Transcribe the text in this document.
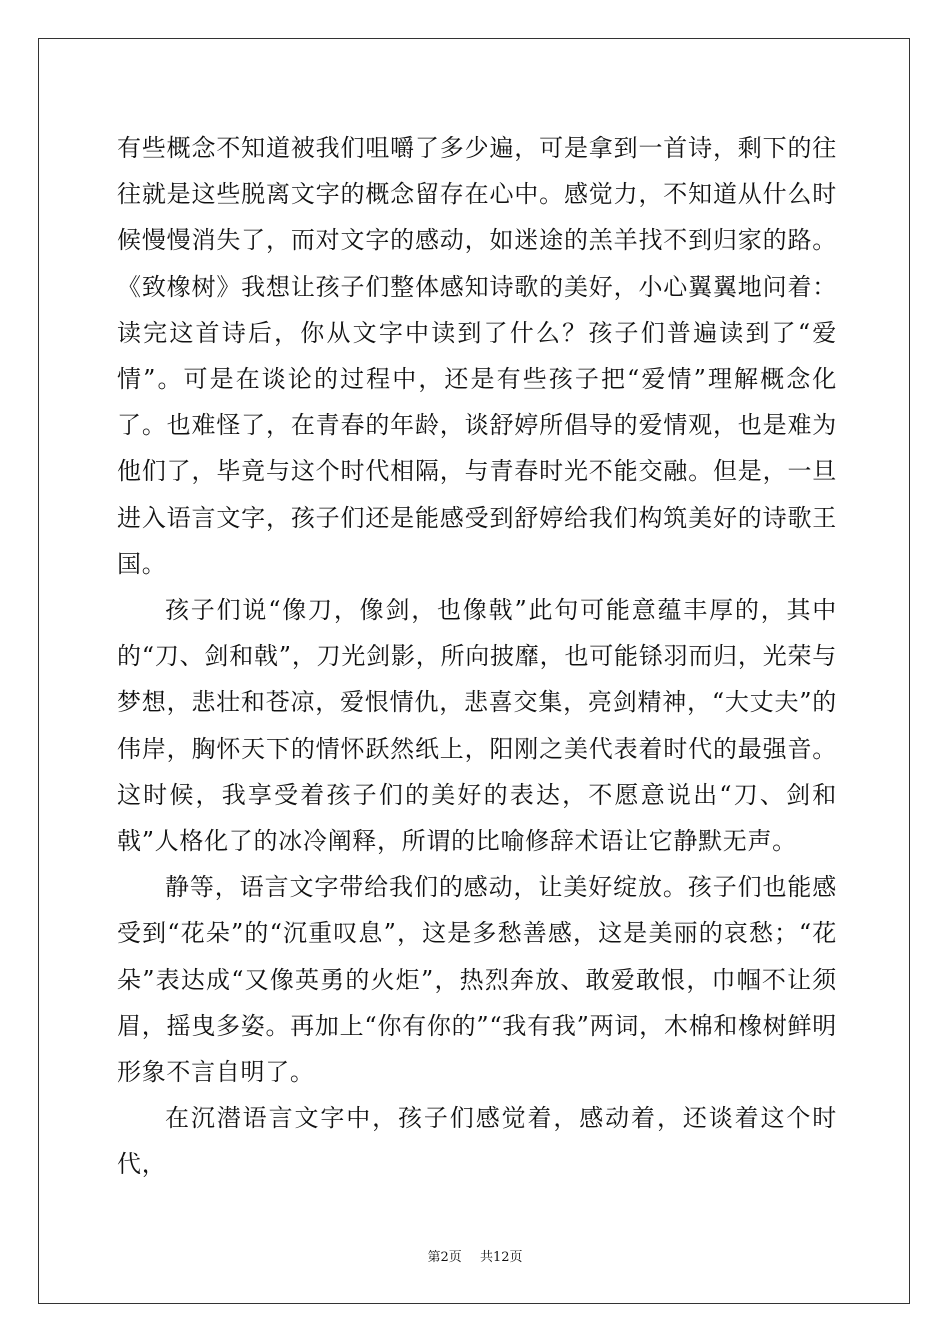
有些概念不知道被我们咀嚼了多少遍，可是拿到一首诗，剩下的往往就是这些脱离文字的概念留存在心中。感觉力，不知道从什么时候慢慢消失了，而对文字的感动，如迷途的羔羊找不到归家的路。《致橡树》我想让孩子们整体感知诗歌的美好，小心翼翼地问着：读完这首诗后，你从文字中读到了什么？孩子们普遍读到了“爱情”。可是在谈论的过程中，还是有些孩子把“爱情”理解概念化了。也难怪了，在青春的年龄，谈舒婷所倡导的爱情观，也是难为他们了，毕竟与这个时代相隔，与青春时光不能交融。但是，一旦进入语言文字，孩子们还是能感受到舒婷给我们构筑美好的诗歌王国。

孩子们说“像刀，像剑，也像戟”此句可能意蕴丰厚的，其中的“刀、剑和戟”，刀光剑影，所向披靡，也可能铩羽而归，光荣与梦想，悲壮和苍凉，爱恨情仇，悲喜交集，亮剑精神，“大丈夫”的伟岸，胸怀天下的情怀跃然纸上，阳刚之美代表着时代的最强音。这时候，我享受着孩子们的美好的表达，不愿意说出“刀、剑和戟”人格化了的冰冷阐释，所谓的比喻修辞术语让它静默无声。

静等，语言文字带给我们的感动，让美好绽放。孩子们也能感受到“花朵”的“沉重叹息”，这是多愁善感，这是美丽的哀愁；“花朵”表达成“又像英勇的火炬”，热烈奔放、敢爱敢恨，巾帼不让须眉，摇曳多姿。再加上“你有你的”“我有我”两词，木棉和橡树鲜明形象不言自明了。

在沉潜语言文字中，孩子们感觉着，感动着，还谈着这个时代，

第2页 共12页
